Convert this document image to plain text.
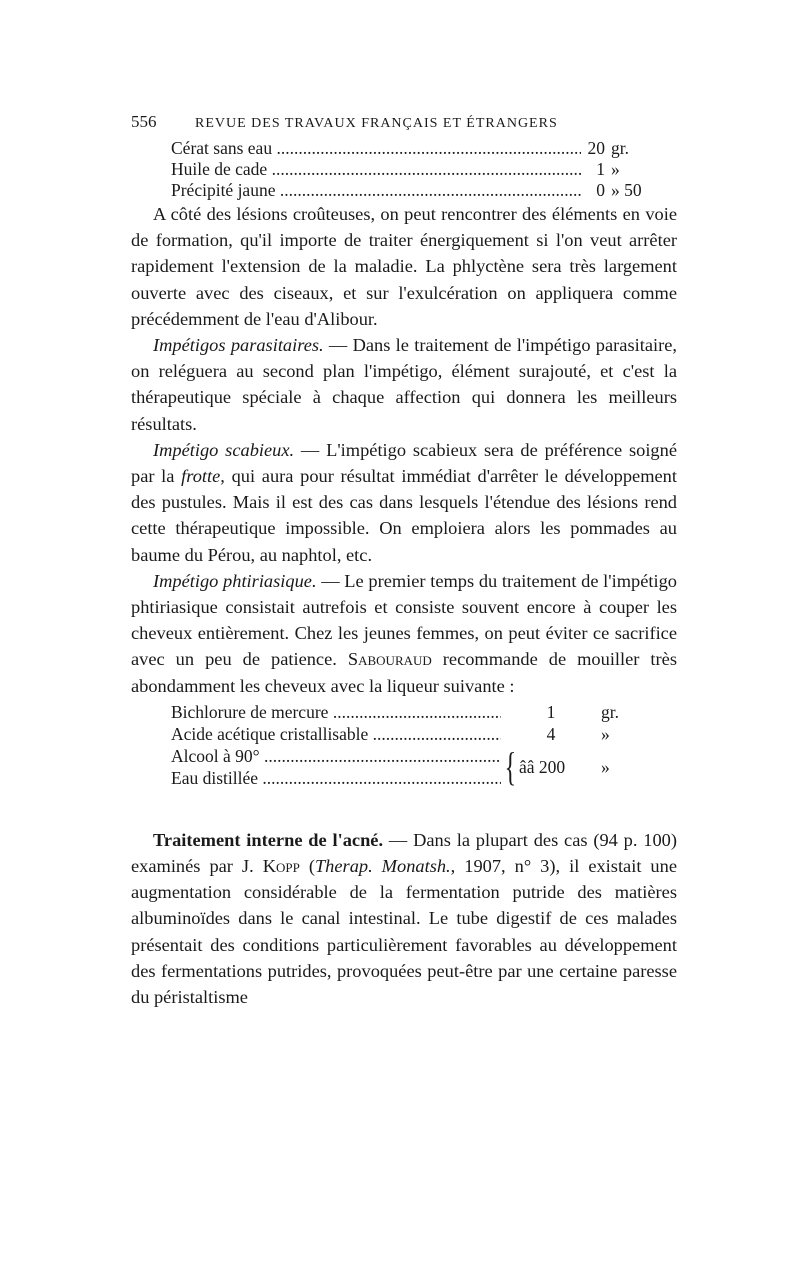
556	REVUE DES TRAVAUX FRANÇAIS ET ÉTRANGERS
Cérat sans eau .....	20 gr.
Huile de cade .....	1 »
Précipité jaune .....	0 » 50

A côté des lésions croûteuses, on peut rencontrer des éléments en voie de formation, qu'il importe de traiter énergiquement si l'on veut arrêter rapidement l'extension de la maladie. La phlyctène sera très largement ouverte avec des ciseaux, et sur l'exulcération on appliquera comme précédemment de l'eau d'Alibour.

Impétigos parasitaires. — Dans le traitement de l'impétigo parasitaire, on reléguera au second plan l'impétigo, élément surajouté, et c'est la thérapeutique spéciale à chaque affection qui donnera les meilleurs résultats.

Impétigo scabieux. — L'impétigo scabieux sera de préférence soigné par la frotte, qui aura pour résultat immédiat d'arrêter le développement des pustules. Mais il est des cas dans lesquels l'étendue des lésions rend cette thérapeutique impossible. On emploiera alors les pommades au baume du Pérou, au naphtol, etc.

Impétigo phtiriasique. — Le premier temps du traitement de l'impétigo phtiriasique consistait autrefois et consiste souvent encore à couper les cheveux entièrement. Chez les jeunes femmes, on peut éviter ce sacrifice avec un peu de patience. Sabouraud recommande de mouiller très abondamment les cheveux avec la liqueur suivante :

Bichlorure de mercure .....	1	gr.
Acide acétique cristallisable .....	4	»
Alcool à 90° .....
Eau distillée .....	{ ââ 200	»

Traitement interne de l'acné. — Dans la plupart des cas (94 p. 100) examinés par J. Kopp (Therap. Monatsh., 1907, n° 3), il existait une augmentation considérable de la fermentation putride des matières albuminoïdes dans le canal intestinal. Le tube digestif de ces malades présentait des conditions particulièrement favorables au développement des fermentations putrides, provoquées peut-être par une certaine paresse du péristaltisme
